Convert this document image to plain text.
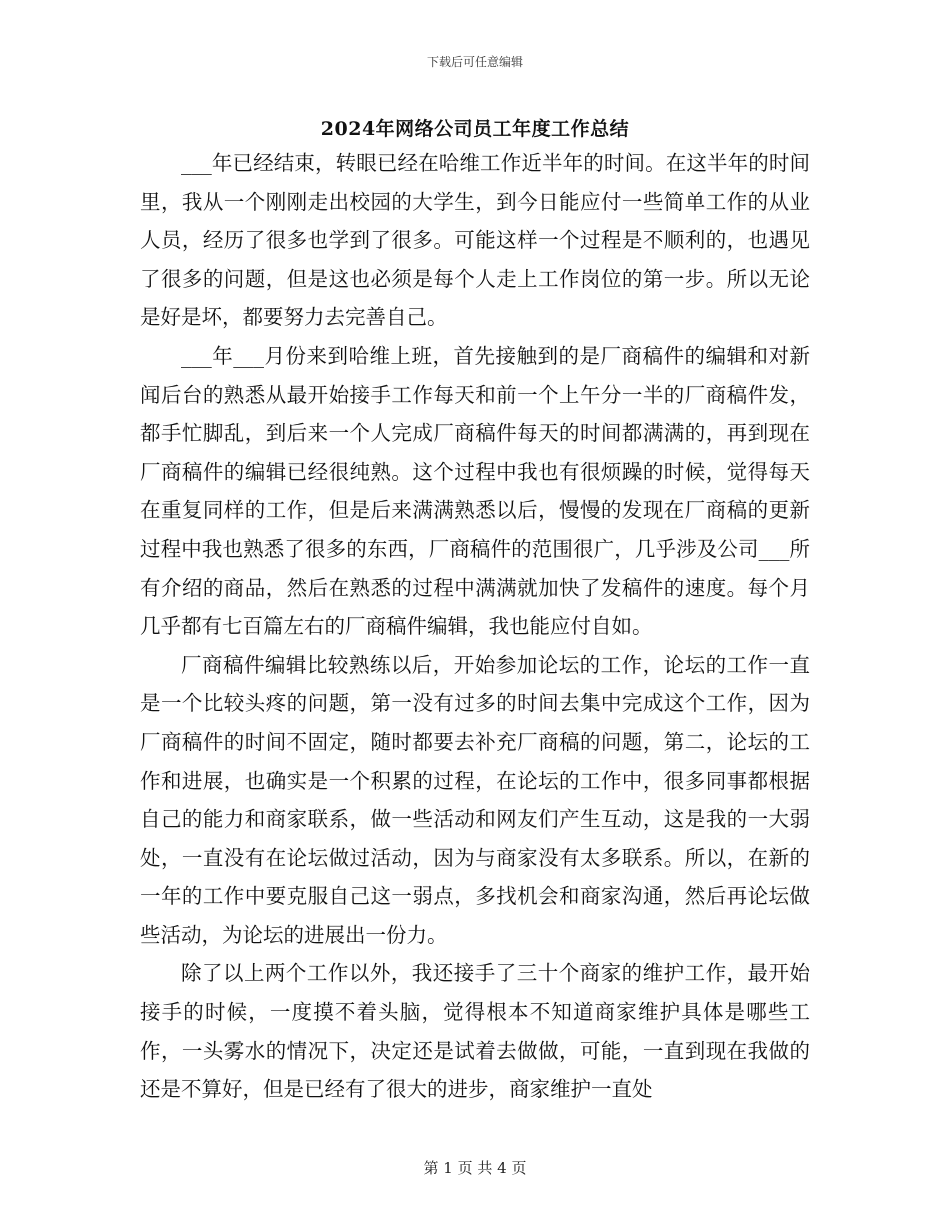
下载后可任意编辑
2024年网络公司员工年度工作总结

___年已经结束，转眼已经在哈维工作近半年的时间。在这半年的时间里，我从一个刚刚走出校园的大学生，到今日能应付一些简单工作的从业人员，经历了很多也学到了很多。可能这样一个过程是不顺利的，也遇见了很多的问题，但是这也必须是每个人走上工作岗位的第一步。所以无论是好是坏，都要努力去完善自己。

___年___月份来到哈维上班，首先接触到的是厂商稿件的编辑和对新闻后台的熟悉从最开始接手工作每天和前一个上午分一半的厂商稿件发，都手忙脚乱，到后来一个人完成厂商稿件每天的时间都满满的，再到现在厂商稿件的编辑已经很纯熟。这个过程中我也有很烦躁的时候，觉得每天在重复同样的工作，但是后来满满熟悉以后，慢慢的发现在厂商稿的更新过程中我也熟悉了很多的东西，厂商稿件的范围很广，几乎涉及公司___所有介绍的商品，然后在熟悉的过程中满满就加快了发稿件的速度。每个月几乎都有七百篇左右的厂商稿件编辑，我也能应付自如。

厂商稿件编辑比较熟练以后，开始参加论坛的工作，论坛的工作一直是一个比较头疼的问题，第一没有过多的时间去集中完成这个工作，因为厂商稿件的时间不固定，随时都要去补充厂商稿的问题，第二，论坛的工作和进展，也确实是一个积累的过程，在论坛的工作中，很多同事都根据自己的能力和商家联系，做一些活动和网友们产生互动，这是我的一大弱处，一直没有在论坛做过活动，因为与商家没有太多联系。所以，在新的一年的工作中要克服自己这一弱点，多找机会和商家沟通，然后再论坛做些活动，为论坛的进展出一份力。

除了以上两个工作以外，我还接手了三十个商家的维护工作，最开始接手的时候，一度摸不着头脑，觉得根本不知道商家维护具体是哪些工作，一头雾水的情况下，决定还是试着去做做，可能，一直到现在我做的还是不算好，但是已经有了很大的进步，商家维护一直处

第 1 页 共 4 页
